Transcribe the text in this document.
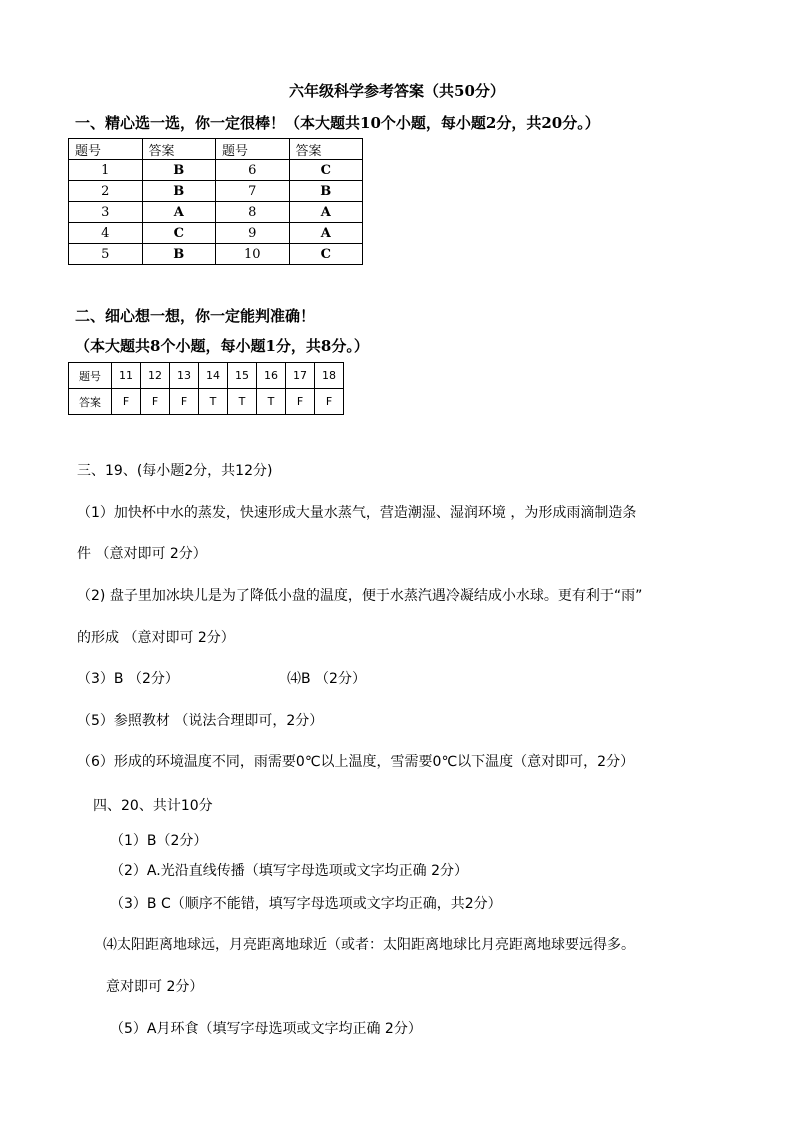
六年级科学参考答案（共50分）
一、精心选一选，你一定很棒！（本大题共10个小题，每小题2分，共20分。）
题号	答案	题号	答案
1	B	6	C
2	B	7	B
3	A	8	A
4	C	9	A
5	B	10	C
二、细心想一想，你一定能判准确！
（本大题共8个小题，每小题1分，共8分。）
题号	11	12	13	14	15	16	17	18
答案	F	F	F	T	T	T	F	F
三、19、(每小题2分，共12分)
（1）加快杯中水的蒸发，快速形成大量水蒸气，营造潮湿、湿润环境 ，为形成雨滴制造条
件 （意对即可 2分）
（2) 盘子里加冰块儿是为了降低小盘的温度，便于水蒸汽遇冷凝结成小水球。更有利于“雨”
的形成 （意对即可 2分）
（3）B （2分）	⑷B （2分）
（5）参照教材 （说法合理即可，2分）
（6）形成的环境温度不同，雨需要0℃以上温度，雪需要0℃以下温度（意对即可，2分）
四、20、共计10分
（1）B（2分）
（2）A.光沿直线传播（填写字母选项或文字均正确 2分）
（3）B C（顺序不能错，填写字母选项或文字均正确，共2分）
⑷太阳距离地球远，月亮距离地球近（或者：太阳距离地球比月亮距离地球要远得多。
意对即可 2分）
（5）A月环食（填写字母选项或文字均正确 2分）
